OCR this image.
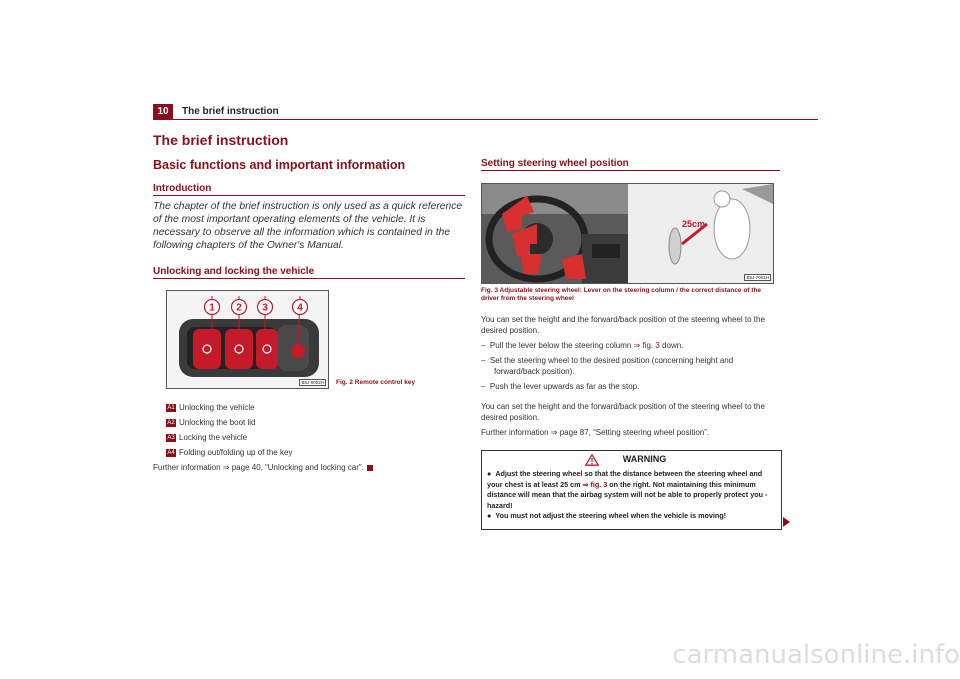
10	The brief instruction
The brief instruction
Basic functions and important information
Introduction
The chapter of the brief instruction is only used as a quick reference of the most important operating elements of the vehicle. It is necessary to observe all the information which is contained in the following chapters of the Owner's Manual.
Unlocking and locking the vehicle
1 2 3	4
B5J-0002H	Fig. 2 Remote control key
A1 Unlocking the vehicle
A2 Unlocking the boot lid
A3 Locking the vehicle
A4 Folding out/folding up of the key
Further information ⇒ page 40, “Unlocking and locking car”.
Setting steering wheel position
25cm
B5J-7001H
Fig. 3 Adjustable steering wheel: Lever on the steering column / the correct distance of the driver from the steering wheel
You can set the height and the forward/back position of the steering wheel to the desired position.
–  Pull the lever below the steering column ⇒ fig. 3 down.
–  Set the steering wheel to the desired position (concerning height and forward/back position).
–  Push the lever upwards as far as the stop.
You can set the height and the forward/back position of the steering wheel to the desired position.
Further information ⇒ page 87, “Setting steering wheel position”.
WARNING
●  Adjust the steering wheel so that the distance between the steering wheel and your chest is at least 25 cm ⇒ fig. 3 on the right. Not maintaining this minimum distance will mean that the airbag system will not be able to properly protect you - hazard!
●  You must not adjust the steering wheel when the vehicle is moving!
carmanualsonline.info
